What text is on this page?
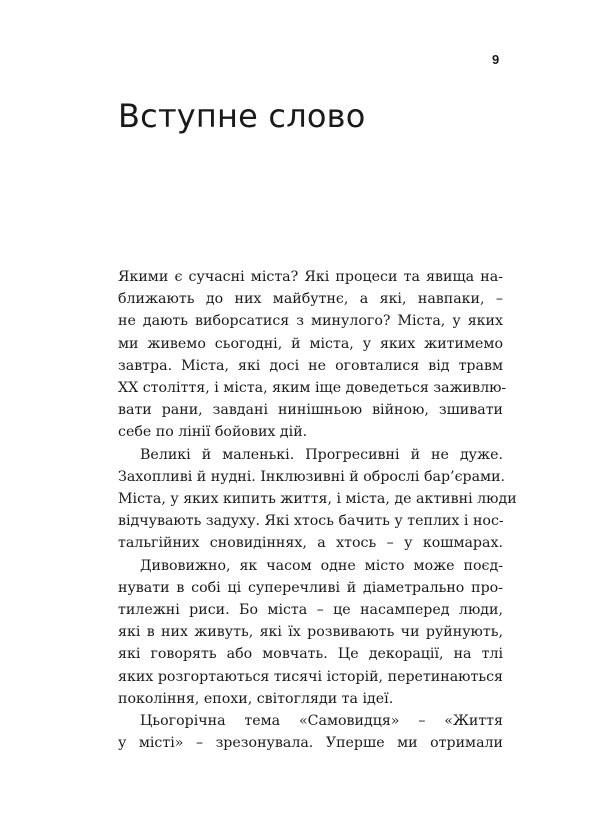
9
Вступне слово
Якими є сучасні міста? Які процеси та явища на-
ближають до них майбутнє, а які, навпаки, –
не дають виборсатися з минулого? Міста, у яких
ми живемо сьогодні, й міста, у яких житимемо
завтра. Міста, які досі не оговталися від травм
XX століття, і міста, яким іще доведеться заживлю-
вати рани, завдані нинішньою війною, зшивати
себе по лінії бойових дій.
Великі й маленькі. Прогресивні й не дуже.
Захопливі й нудні. Інклюзивні й оброслі бар’єрами.
Міста, у яких кипить життя, і міста, де активні люди
відчувають задуху. Які хтось бачить у теплих і нос-
тальгійних сновидіннях, а хтось – у кошмарах.
Дивовижно, як часом одне місто може поєд-
нувати в собі ці суперечливі й діаметрально про-
тилежні риси. Бо міста – це насамперед люди,
які в них живуть, які їх розвивають чи руйнують,
які говорять або мовчать. Це декорації, на тлі
яких розгортаються тисячі історій, перетинаються
покоління, епохи, світогляди та ідеї.
Цьогорічна тема «Самовидця» – «Життя
у місті» – зрезонувала. Уперше ми отримали
